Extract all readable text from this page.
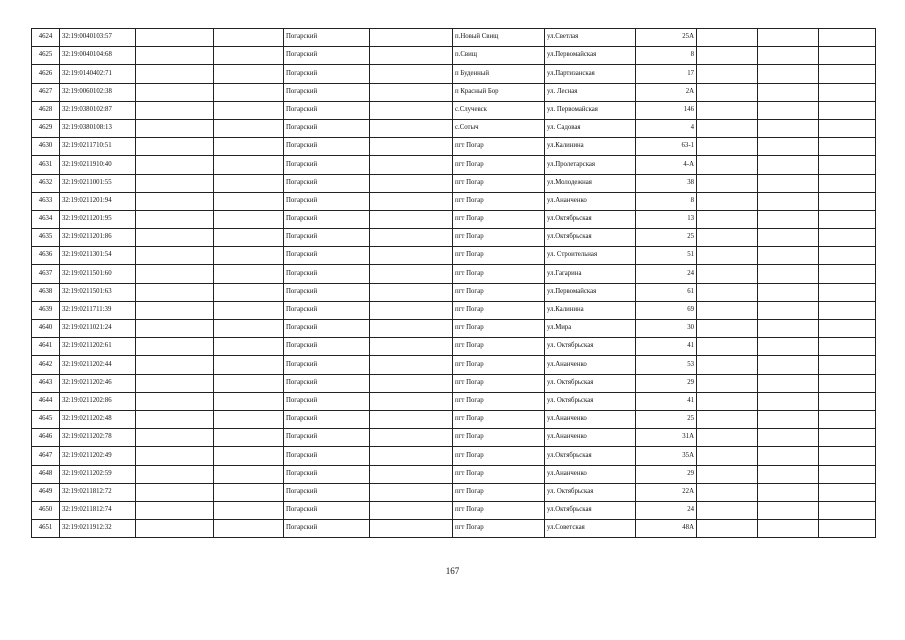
4624	32:19:0040103:57			Погарский		п.Новый Свищ	ул.Светлая	25А			
4625	32:19:0040104:68			Погарский		п.Свищ	ул.Первомайская	8			
4626	32:19:0140402:71			Погарский		п Буденный	ул.Партизанская	17			
4627	32:19:0060102:38			Погарский		п Красный Бор	ул. Лесная	2А			
4628	32:19:0380102:87			Погарский		с.Случевск	ул. Первомайская	146			
4629	32:19:0380108:13			Погарский		с.Сотыч	ул. Садовая	4			
4630	32:19:0211710:51			Погарский		пгт Погар	ул.Калинина	63-1			
4631	32:19:0211910:40			Погарский		пгт Погар	ул.Пролетарская	4-А			
4632	32:19:0211001:55			Погарский		пгт Погар	ул.Молодежная	38			
4633	32:19:0211201:94			Погарский		пгт Погар	ул.Ананченко	8			
4634	32:19:0211201:95			Погарский		пгт Погар	ул.Октябрьская	13			
4635	32:19:0211201:86			Погарский		пгт Погар	ул.Октябрьская	25			
4636	32:19:0211301:54			Погарский		пгт Погар	ул. Строительная	51			
4637	32:19:0211501:60			Погарский		пгт Погар	ул.Гагарина	24			
4638	32:19:0211501:63			Погарский		пгт Погар	ул.Первомайская	61			
4639	32:19:0211711:39			Погарский		пгт Погар	ул.Калинина	69			
4640	32:19:0211021:24			Погарский		пгт Погар	ул.Мира	30			
4641	32:19:0211202:61			Погарский		пгт Погар	ул. Октябрьская	41			
4642	32:19:0211202:44			Погарский		пгт Погар	ул.Ананченко	53			
4643	32:19:0211202:46			Погарский		пгт Погар	ул. Октябрьская	29			
4644	32:19:0211202:86			Погарский		пгт Погар	ул. Октябрьская	41			
4645	32:19:0211202:48			Погарский		пгт Погар	ул.Ананченко	25			
4646	32:19:0211202:78			Погарский		пгт Погар	ул.Ананченко	31А			
4647	32:19:0211202:49			Погарский		пгт Погар	ул.Октябрьская	35А			
4648	32:19:0211202:59			Погарский		пгт Погар	ул.Ананченко	29			
4649	32:19:0211812:72			Погарский		пгт Погар	ул. Октябрьская	22А			
4650	32:19:0211812:74			Погарский		пгт Погар	ул.Октябрьская	24			
4651	32:19:0211912:32			Погарский		пгт Погар	ул.Советская	48А			
167
